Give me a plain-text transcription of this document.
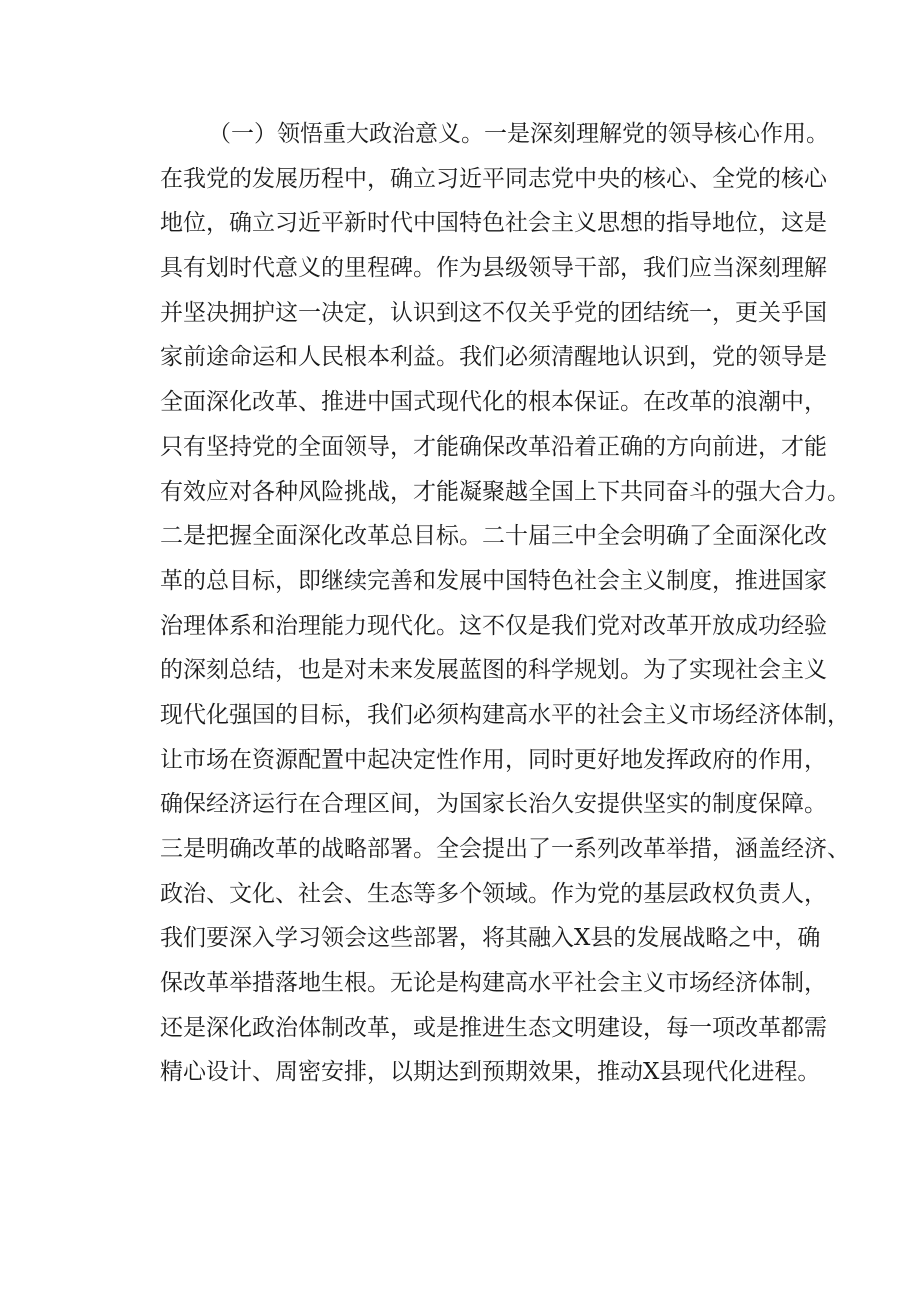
（一）领悟重大政治意义。一是深刻理解党的领导核心作用。
在我党的发展历程中，确立习近平同志党中央的核心、全党的核心
地位，确立习近平新时代中国特色社会主义思想的指导地位，这是
具有划时代意义的里程碑。作为县级领导干部，我们应当深刻理解
并坚决拥护这一决定，认识到这不仅关乎党的团结统一，更关乎国
家前途命运和人民根本利益。我们必须清醒地认识到，党的领导是
全面深化改革、推进中国式现代化的根本保证。在改革的浪潮中，
只有坚持党的全面领导，才能确保改革沿着正确的方向前进，才能
有效应对各种风险挑战，才能凝聚越全国上下共同奋斗的强大合力。
二是把握全面深化改革总目标。二十届三中全会明确了全面深化改
革的总目标，即继续完善和发展中国特色社会主义制度，推进国家
治理体系和治理能力现代化。这不仅是我们党对改革开放成功经验
的深刻总结，也是对未来发展蓝图的科学规划。为了实现社会主义
现代化强国的目标，我们必须构建高水平的社会主义市场经济体制，
让市场在资源配置中起决定性作用，同时更好地发挥政府的作用，
确保经济运行在合理区间，为国家长治久安提供坚实的制度保障。
三是明确改革的战略部署。全会提出了一系列改革举措，涵盖经济、
政治、文化、社会、生态等多个领域。作为党的基层政权负责人，
我们要深入学习领会这些部署，将其融入X县的发展战略之中，确
保改革举措落地生根。无论是构建高水平社会主义市场经济体制，
还是深化政治体制改革，或是推进生态文明建设，每一项改革都需
精心设计、周密安排，以期达到预期效果，推动X县现代化进程。
